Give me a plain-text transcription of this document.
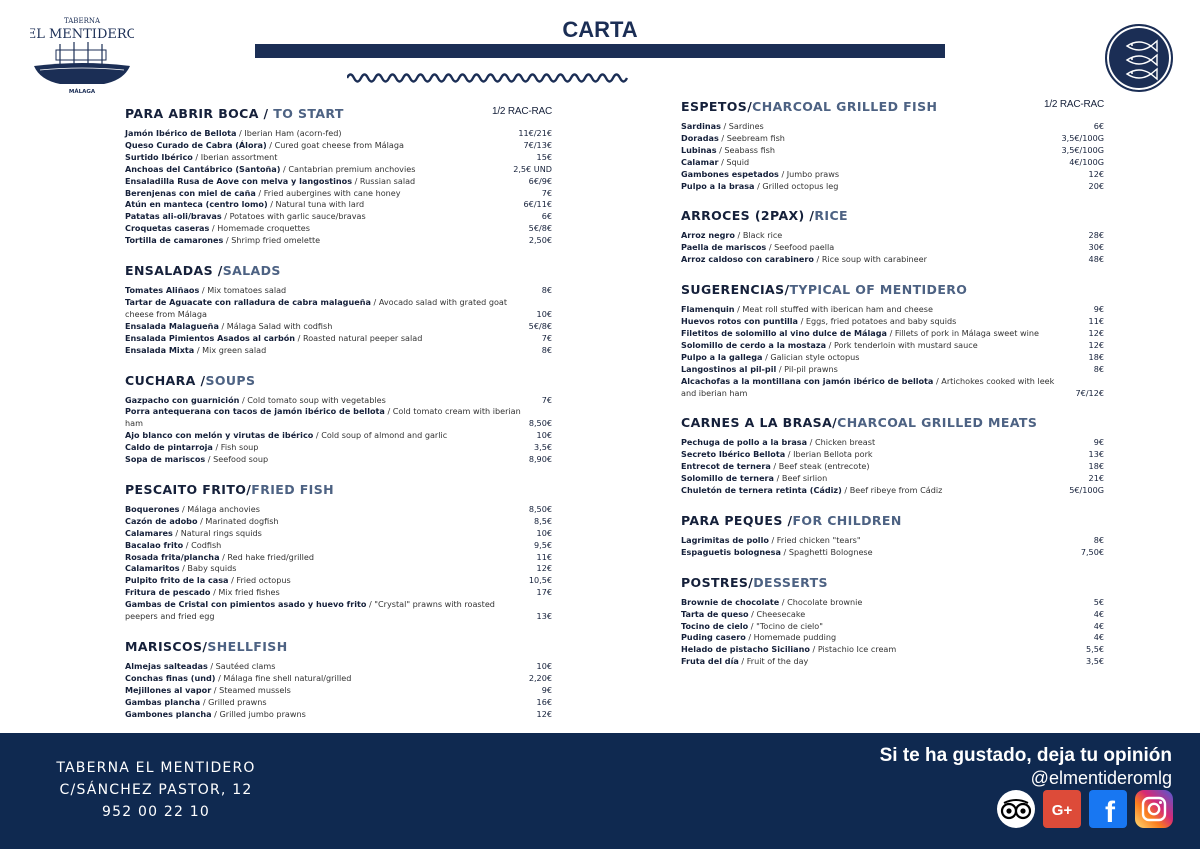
TABERNA
EL MENTIDERO
MÁLAGA
CARTA
PARA ABRIR BOCA / TO START	1/2 RAC-RAC
Jamón Ibérico de Bellota / Iberian Ham (acorn-fed)	11€/21€
Queso Curado de Cabra (Álora) / Cured goat cheese from Málaga	7€/13€
Surtido Ibérico / Iberian assortment	15€
Anchoas del Cantábrico (Santoña) / Cantabrian premium anchovies	2,5€ UND
Ensaladilla Rusa de Aove con melva y langostinos / Russian salad	6€/9€
Berenjenas con miel de caña / Fried aubergines with cane honey	7€
Atún en manteca (centro lomo) / Natural tuna with lard	6€/11€
Patatas ali-oli/bravas / Potatoes with garlic sauce/bravas	6€
Croquetas caseras / Homemade croquettes	5€/8€
Tortilla de camarones / Shrimp fried omelette	2,50€
ENSALADAS /SALADS
Tomates Aliñaos / Mix tomatoes salad	8€
Tartar de Aguacate con ralladura de cabra malagueña / Avocado salad with grated goat cheese from Málaga	10€
Ensalada Malagueña / Málaga Salad with codfish	5€/8€
Ensalada Pimientos Asados al carbón / Roasted natural peeper salad	7€
Ensalada Mixta / Mix green salad	8€
CUCHARA /SOUPS
Gazpacho con guarnición / Cold tomato soup with vegetables	7€
Porra antequerana con tacos de jamón ibérico de bellota / Cold tomato cream with iberian ham	8,50€
Ajo blanco con melón y virutas de ibérico / Cold soup of almond and garlic	10€
Caldo de pintarroja / Fish soup	3,5€
Sopa de mariscos / Seefood soup	8,90€
PESCAITO FRITO/FRIED FISH
Boquerones / Málaga anchovies	8,50€
Cazón de adobo / Marinated dogfish	8,5€
Calamares / Natural rings squids	10€
Bacalao frito / Codfish	9,5€
Rosada frita/plancha / Red hake fried/grilled	11€
Calamaritos / Baby squids	12€
Pulpito frito de la casa / Fried octopus	10,5€
Fritura de pescado / Mix fried fishes	17€
Gambas de Cristal con pimientos asado y huevo frito / "Crystal" prawns with roasted peepers and fried egg	13€
MARISCOS/SHELLFISH
Almejas salteadas / Sautéed clams	10€
Conchas finas (und) / Málaga fine shell natural/grilled	2,20€
Mejillones al vapor / Steamed mussels	9€
Gambas plancha / Grilled prawns	16€
Gambones plancha / Grilled jumbo prawns	12€
ESPETOS/CHARCOAL GRILLED FISH	1/2 RAC-RAC
Sardinas / Sardines	6€
Doradas / Seebream fish	3,5€/100G
Lubinas / Seabass fish	3,5€/100G
Calamar / Squid	4€/100G
Gambones espetados / Jumbo praws	12€
Pulpo a la brasa / Grilled octopus leg	20€
ARROCES (2PAX) /RICE
Arroz negro / Black rice	28€
Paella de mariscos / Seefood paella	30€
Arroz caldoso con carabinero / Rice soup with carabineer	48€
SUGERENCIAS/TYPICAL OF MENTIDERO
Flamenquin / Meat roll stuffed with iberican ham and cheese	9€
Huevos rotos con puntilla / Eggs, fried potatoes and baby squids	11€
Filetitos de solomillo al vino dulce de Málaga / Fillets of pork in Málaga sweet wine	12€
Solomillo de cerdo a la mostaza / Pork tenderloin with mustard sauce	12€
Pulpo a la gallega / Galician style octopus	18€
Langostinos al pil-pil / Pil-pil prawns	8€
Alcachofas a la montillana con jamón ibérico de bellota / Artichokes cooked with leek and iberian ham	7€/12€
CARNES A LA BRASA/CHARCOAL GRILLED MEATS
Pechuga de pollo a la brasa / Chicken breast	9€
Secreto Ibérico Bellota / Iberian Bellota pork	13€
Entrecot de ternera / Beef steak (entrecote)	18€
Solomillo de ternera / Beef sirlion	21€
Chuletón de ternera retinta (Cádiz) / Beef ribeye from Cádiz	5€/100G
PARA PEQUES /FOR CHILDREN
Lagrimitas de pollo / Fried chicken "tears"	8€
Espaguetis bolognesa / Spaghetti Bolognese	7,50€
POSTRES/DESSERTS
Brownie de chocolate / Chocolate brownie	5€
Tarta de queso / Cheesecake	4€
Tocino de cielo / "Tocino de cielo"	4€
Puding casero / Homemade pudding	4€
Helado de pistacho Siciliano / Pistachio Ice cream	5,5€
Fruta del día / Fruit of the day	3,5€
TABERNA EL MENTIDERO
C/SÁNCHEZ PASTOR, 12
952 00 22 10
Si te ha gustado, deja tu opinión
@elmentideromlg
G+ f
